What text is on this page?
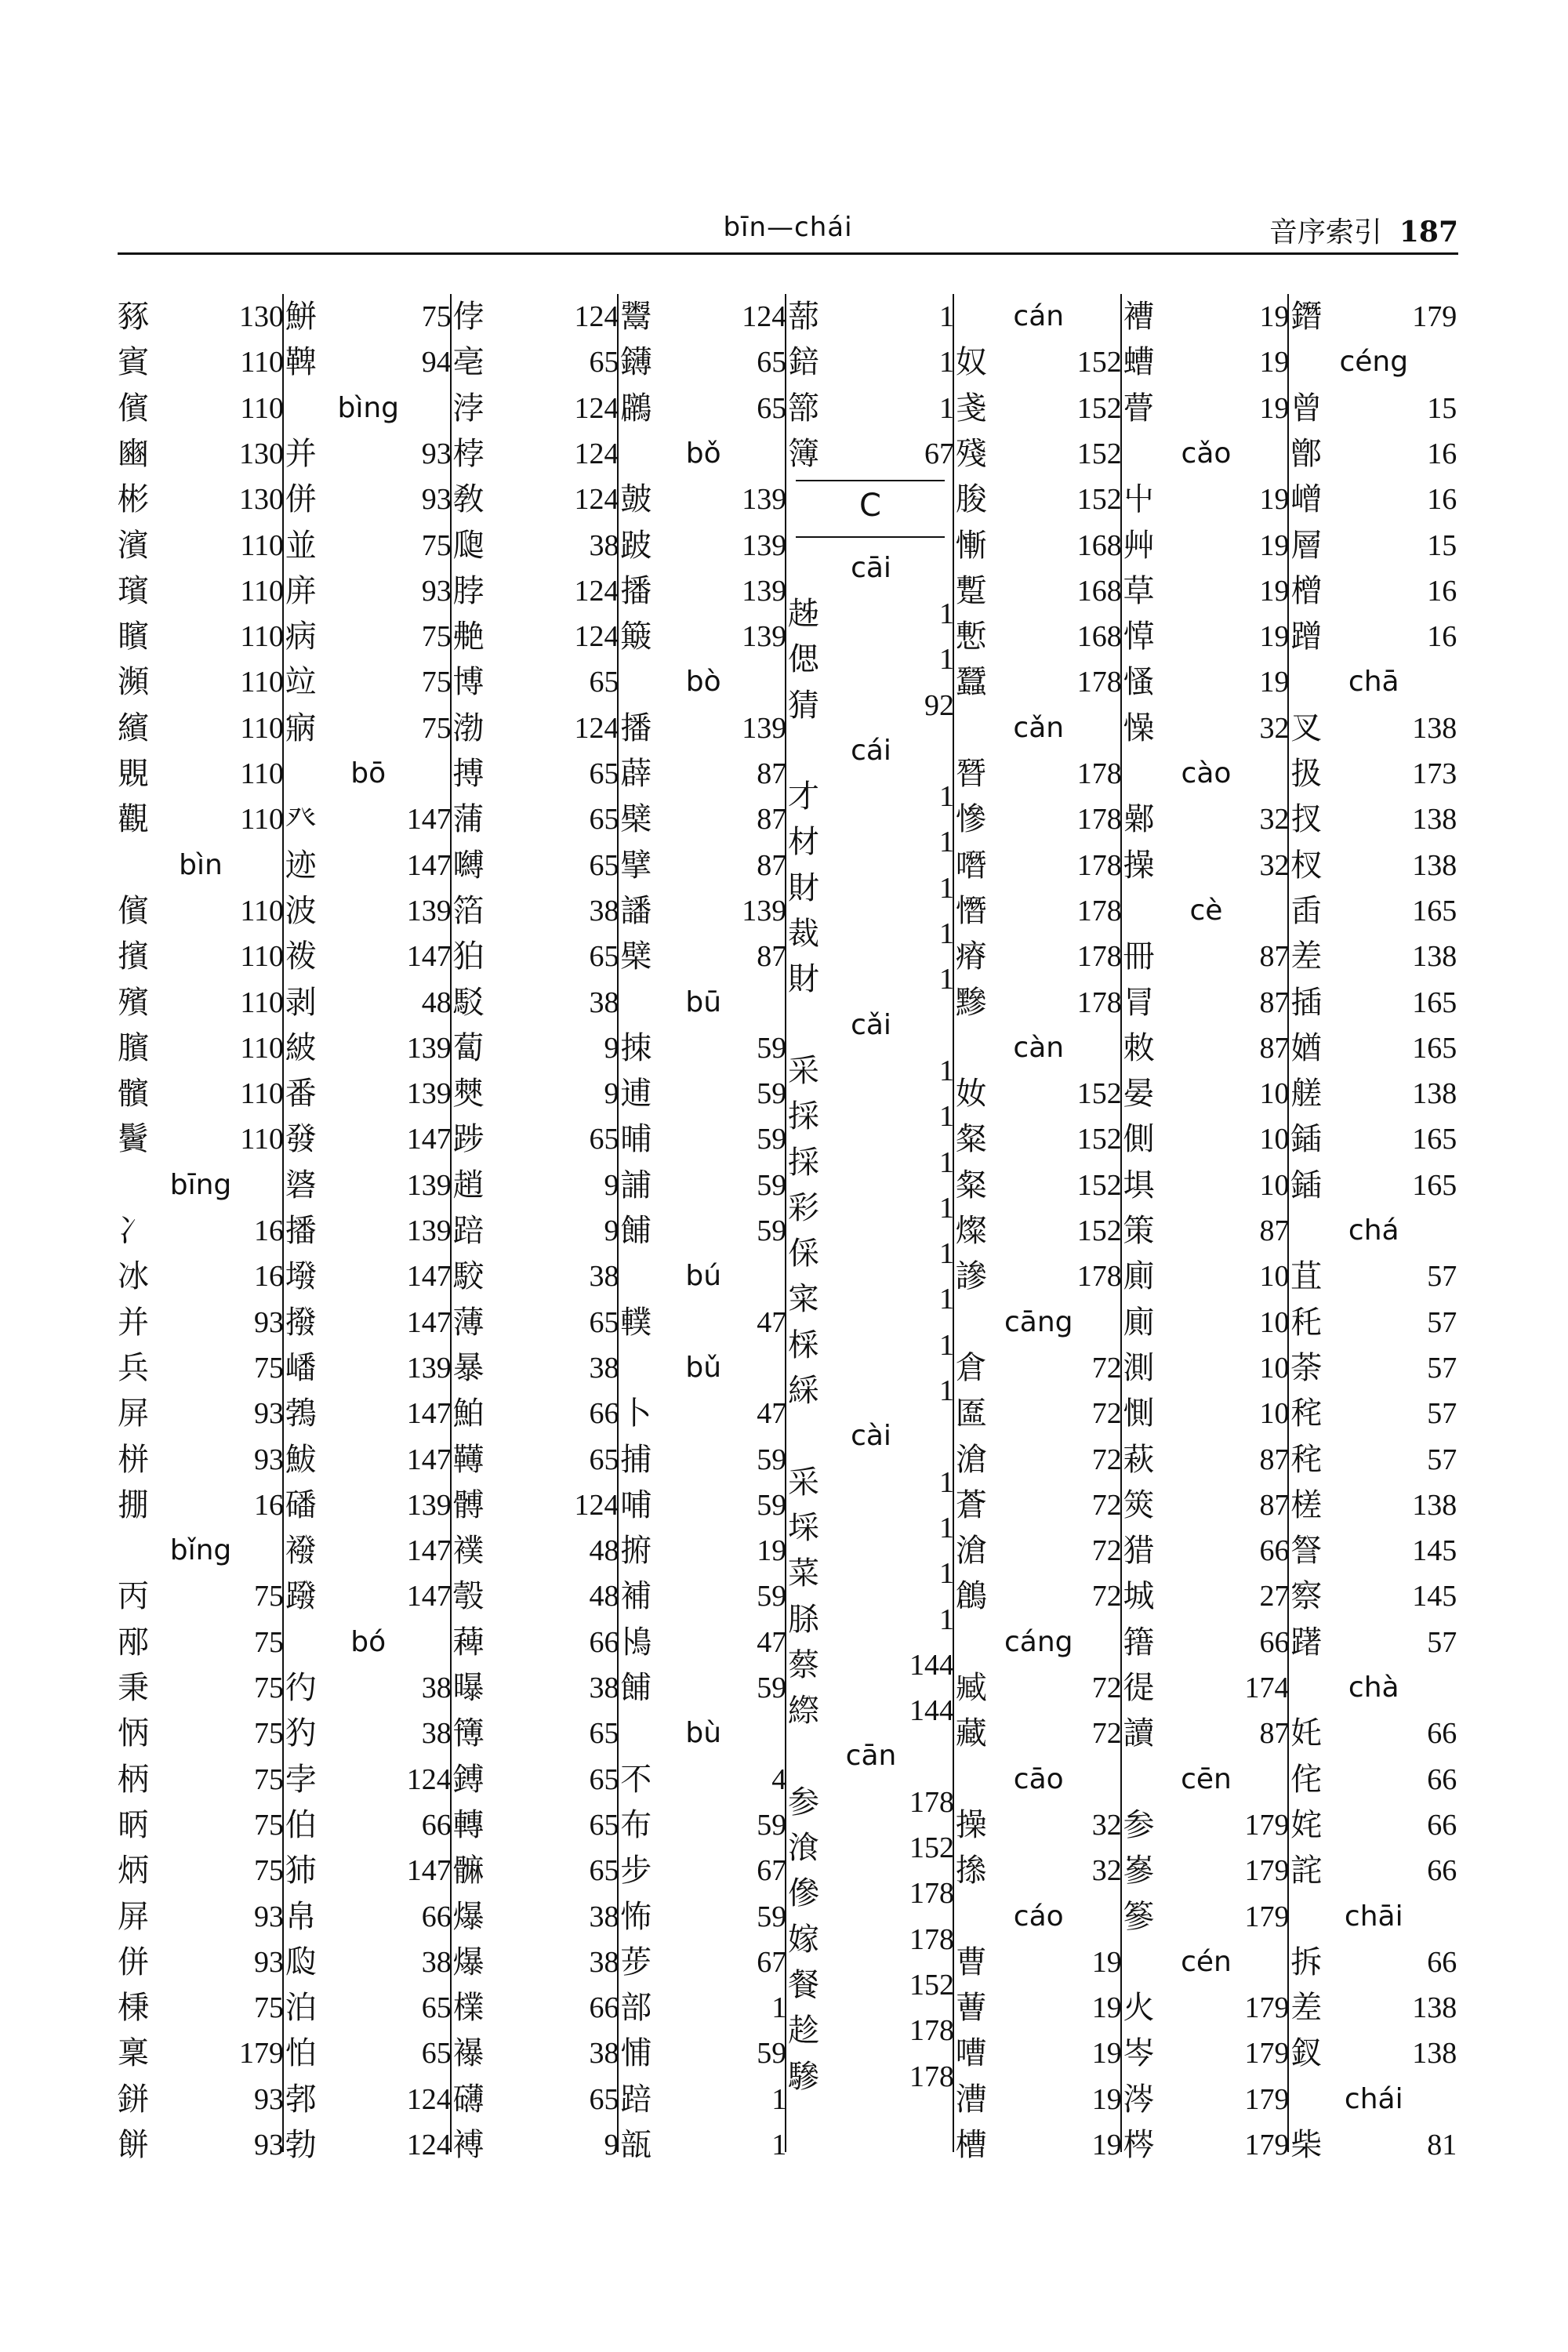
bīn—chái	音序索引 187
豩	130
賓	110
儐	110
豳	130
彬	130
濱	110
璸	110
矉	110
瀕	110
繽	110
覞	110
觀	110
bìn
儐	110
擯	110
殯	110
臏	110
髕	110
鬢	110
bīng
冫	16
冰	16
并	93
兵	75
屏	93
栟	93
掤	16
bǐng
丙	75
邴	75
秉	75
怲	75
柄	75
昞	75
炳	75
屏	93
併	93
棅	75
稟	179
鉼	93
餅	93
鮩	75
鞞	94
bìng
并	93
併	93
並	75
庰	93
病	75
竝	75
寎	75
bō
癶	147
迹	147
波	139
袯	147
剥	48
紴	139
番	139
發	147
碆	139
播	139
墢	147
撥	147
嶓	139
鵓	147
鮁	147
磻	139
襏	147
蹳	147
bó
彴	38
犳	38
孛	124
伯	66
犻	147
帛	66
瓝	38
泊	65
怕	65
郣	124
勃	124
侼	124
亳	65
浡	124
桲	124
敎	124
瓟	38
脖	124
艴	124
博	65
渤	124
搏	65
蒲	65
嚩	65
箔	38
狛	65
駁	38
蔔	9
僰	9
踄	65
趙	9
踣	9
駮	38
薄	65
暴	38
鮊	66
䪇	65
髆	124
襆	48
彀	48
薭	66
曝	38
簙	65
鎛	65
轉	65
髍	65
爆	38
爆	38
檏	66
襮	38
礴	65
䙏	9
鬻	124
鑮	65
鸊	65
bǒ
皷	139
跛	139
播	139
簸	139
bò
播	139
薜	87
檗	87
擘	87
譒	139
檗	87
bū
拺	59
逋	59
晡	59
誧	59
餔	59
bú
轐	47
bǔ
卜	47
捕	59
哺	59
捬	19
補	59
鳪	47
餔	59
bù
不	4
布	59
步	67
怖	59
荹	67
部	1
悑	59
踣	1
瓿	1
蔀	1
錇	1
篰	1
簿	67
C
cāi
趀	1
偲	1
猜	92
cái
才	1
材	1
財	1
裁	1
財	1
cǎi
采	1
採	1
採	1
彩	1
倸	1
寀	1
棌	1
綵	1
cài
采	1
埰	1
菜	1
脎	1
蔡	144
縩	144
cān
参	178
湌	152
傪	178
嫁	178
餐	152
趁	178
驂	178
cán
奴	152
戔	152
殘	152
朘	152
慚	168
蹔	168
慙	168
蠶	178
cǎn
朁	178
慘	178
噆	178
憯	178
瘠	178
黲	178
càn
奻	152
粲	152
粲	152
燦	152
謲	178
cāng
倉	72
匲	72
滄	72
蒼	72
滄	72
鶬	72
cáng
臧	72
藏	72
cāo
操	32
撡	32
cáo
曹	19
蓸	19
嘈	19
漕	19
槽	19
褿	19
螬	19
瞢	19
cǎo
屮	19
艸	19
草	19
愺	19
慅	19
懆	32
cào
鄵	32
操	32
cè
冊	87
冐	87
敇	87
晏	10
側	10
埧	10
策	87
廁	10
廁	10
測	10
惻	10
萩	87
筴	87
猎	66
城	27
簎	66
徥	174
讀	87
cēn
参	179
嵾	179
篸	179
cén
火	179
岑	179
涔	179
梣	179
鐕	179
céng
曾	15
鄫	16
嶒	16
層	15
橧	16
蹭	16
chā
叉	138
扱	173
扠	138
杈	138
臿	165
差	138
插	165
媨	165
艖	138
鍤	165
鍤	165
chá
苴	57
秅	57
荼	57
秺	57
秺	57
槎	138
詧	145
察	145
躇	57
chà
奼	66
侘	66
姹	66
詫	66
chāi
拆	66
差	138
釵	138
chái
柴	81
